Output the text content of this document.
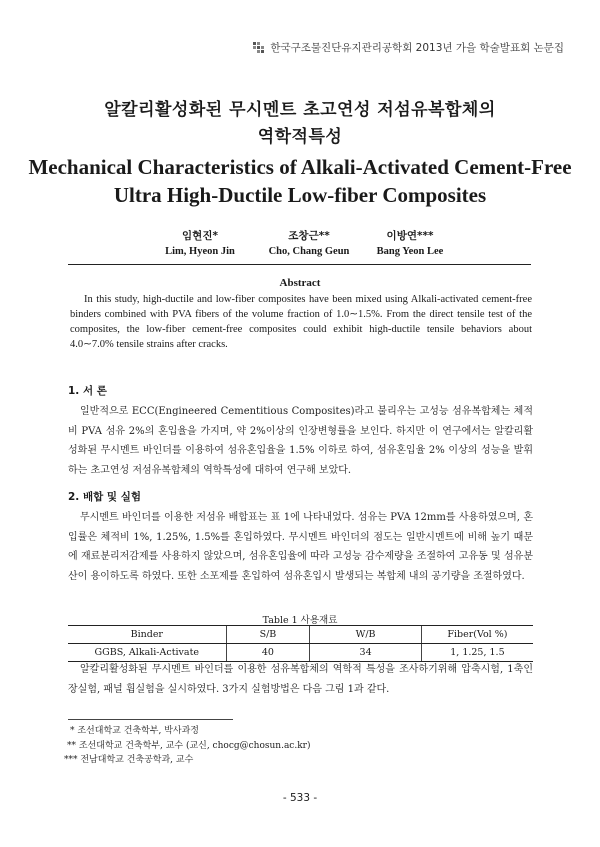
한국구조물진단유지관리공학회 2013년 가을 학술발표회 논문집
알칼리활성화된 무시멘트 초고연성 저섬유복합체의
역학적특성
Mechanical Characteristics of Alkali-Activated Cement-Free
Ultra High-Ductile Low-fiber Composites
임현진*
Lim, Hyeon Jin
조창근**
Cho, Chang Geun
이방연***
Bang Yeon Lee
Abstract
In this study, high-ductile and low-fiber composites have been mixed using Alkali-activated cement-free binders combined with PVA fibers of the volume fraction of 1.0∼1.5%. From the direct tensile test of the composites, the low-fiber cement-free composites could exhibit high-ductile tensile behaviors about 4.0∼7.0% tensile strains after cracks.
1. 서 론
일반적으로 ECC(Engineered Cementitious Composites)라고 불리우는 고성능 섬유복합체는 체적비 PVA 섬유 2%의 혼입율을 가지며, 약 2%이상의 인장변형률을 보인다. 하지만 이 연구에서는 알칼리활성화된 무시멘트 바인더를 이용하여 섬유혼입율을 1.5% 이하로 하여, 섬유혼입율 2% 이상의 성능을 발휘하는 초고연성 저섬유복합체의 역학특성에 대하여 연구해 보았다.
2. 배합 및 실험
무시멘트 바인더를 이용한 저섬유 배합표는 표 1에 나타내었다. 섬유는 PVA 12mm를 사용하였으며, 혼입률은 체적비 1%, 1.25%, 1.5%를 혼입하였다. 무시멘트 바인더의 점도는 일반시멘트에 비해 높기 때문에 재료분리저감제를 사용하지 않았으며, 섬유혼입율에 따라 고성능 감수제량을 조절하여 고유동 및 섬유분산이 용이하도록 하였다. 또한 소포제를 혼입하여 섬유혼입시 발생되는 복합체 내의 공기량을 조절하였다.
Table 1 사용재료
Binder	S/B	W/B	Fiber(Vol %)
GGBS, Alkali-Activate	40	34	1, 1.25, 1.5
알칼리활성화된 무시멘트 바인더를 이용한 섬유복합체의 역학적 특성을 조사하기위해 압축시험, 1축인장실험, 패널 휨실험을 실시하였다. 3가지 실험방법은 다음 그림 1과 같다.
* 조선대학교 건축학부, 박사과정
** 조선대학교 건축학부, 교수 (교신, chocg@chosun.ac.kr)
*** 전남대학교 건축공학과, 교수
- 533 -
